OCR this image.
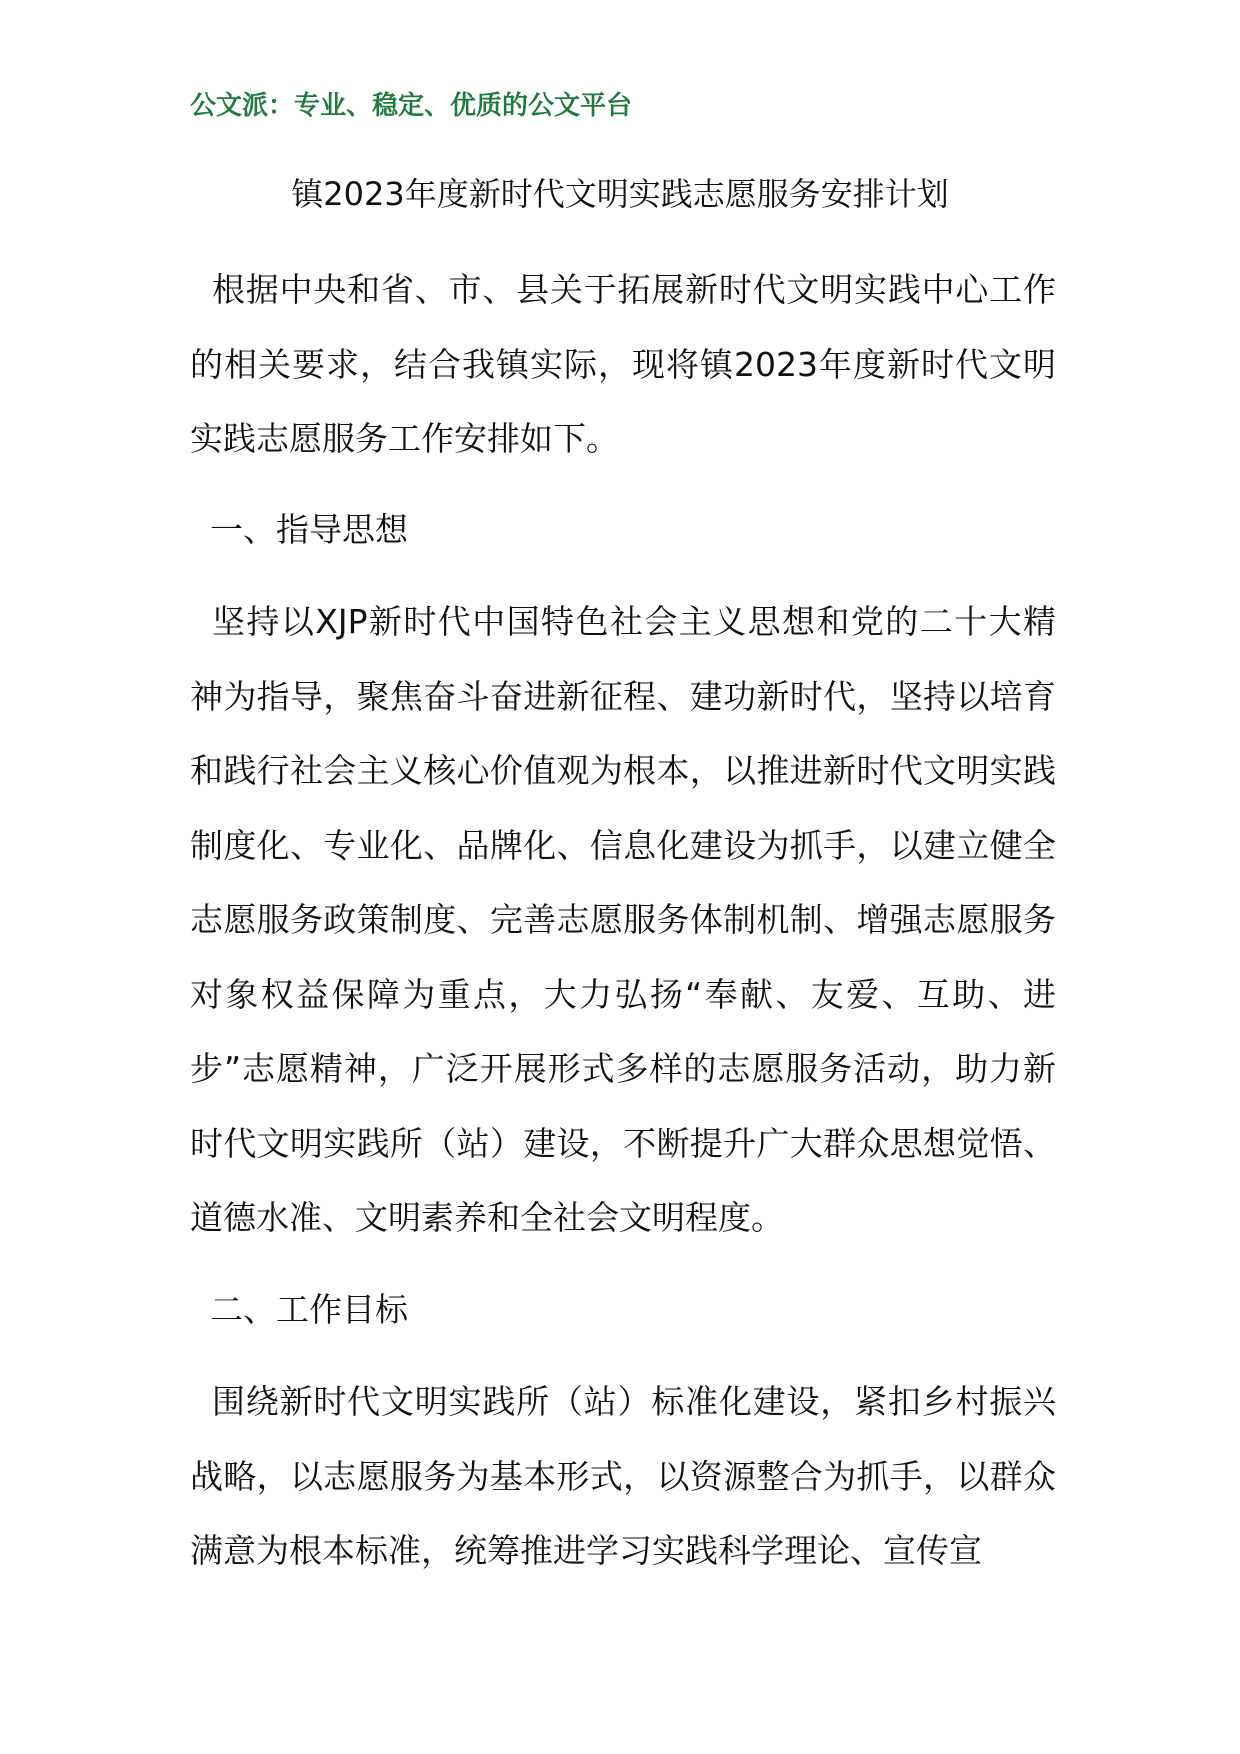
公文派：专业、稳定、优质的公文平台
镇2023年度新时代文明实践志愿服务安排计划
根据中央和省、市、县关于拓展新时代文明实践中心工作的相关要求，结合我镇实际，现将镇2023年度新时代文明实践志愿服务工作安排如下。
一、指导思想
坚持以XJP新时代中国特色社会主义思想和党的二十大精神为指导，聚焦奋斗奋进新征程、建功新时代，坚持以培育和践行社会主义核心价值观为根本，以推进新时代文明实践制度化、专业化、品牌化、信息化建设为抓手，以建立健全志愿服务政策制度、完善志愿服务体制机制、增强志愿服务对象权益保障为重点，大力弘扬“奉献、友爱、互助、进步”志愿精神，广泛开展形式多样的志愿服务活动，助力新时代文明实践所（站）建设，不断提升广大群众思想觉悟、道德水准、文明素养和全社会文明程度。
二、工作目标
围绕新时代文明实践所（站）标准化建设，紧扣乡村振兴战略，以志愿服务为基本形式，以资源整合为抓手，以群众满意为根本标准，统筹推进学习实践科学理论、宣传宣
